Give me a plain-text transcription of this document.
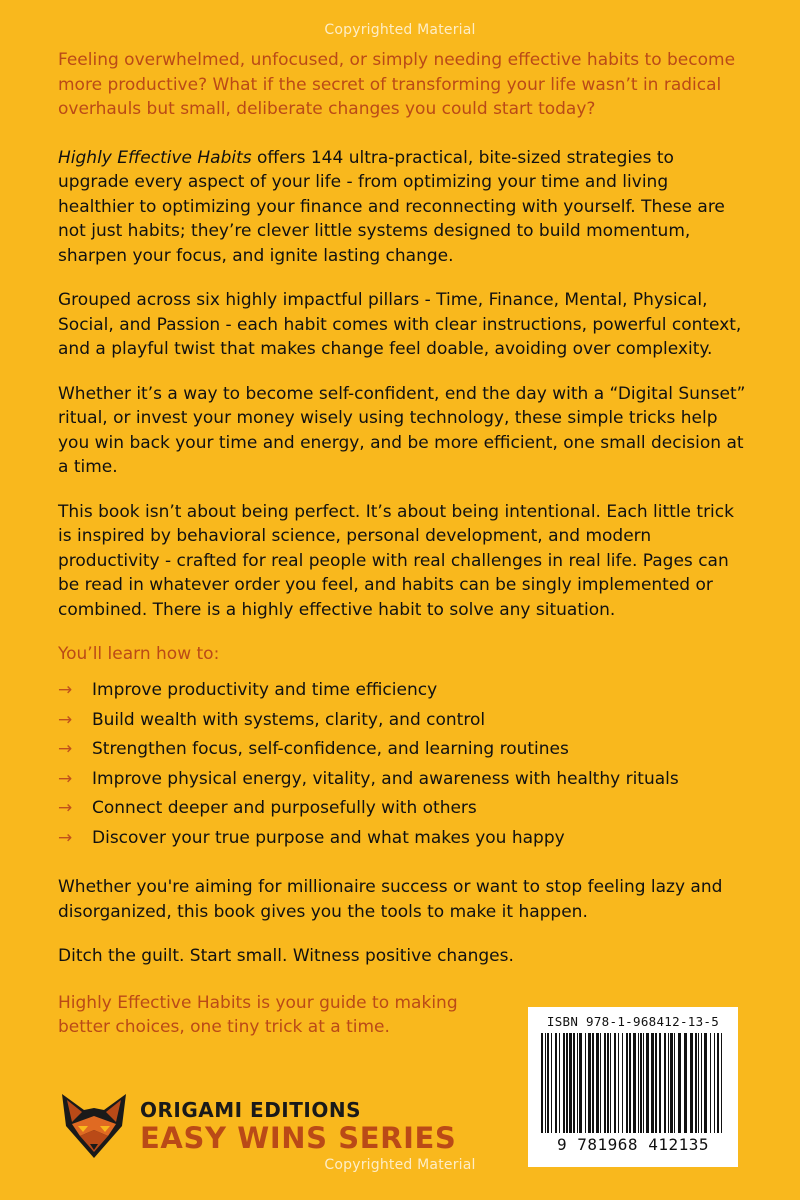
Copyrighted Material

Feeling overwhelmed, unfocused, or simply needing effective habits to become more productive? What if the secret of transforming your life wasn’t in radical overhauls but small, deliberate changes you could start today?

Highly Effective Habits offers 144 ultra-practical, bite-sized strategies to upgrade every aspect of your life - from optimizing your time and living healthier to optimizing your finance and reconnecting with yourself. These are not just habits; they’re clever little systems designed to build momentum, sharpen your focus, and ignite lasting change.

Grouped across six highly impactful pillars - Time, Finance, Mental, Physical, Social, and Passion - each habit comes with clear instructions, powerful context, and a playful twist that makes change feel doable, avoiding over complexity.

Whether it’s a way to become self-confident, end the day with a “Digital Sunset” ritual, or invest your money wisely using technology, these simple tricks help you win back your time and energy, and be more efficient, one small decision at a time.

This book isn’t about being perfect. It’s about being intentional. Each little trick is inspired by behavioral science, personal development, and modern productivity - crafted for real people with real challenges in real life. Pages can be read in whatever order you feel, and habits can be singly implemented or combined. There is a highly effective habit to solve any situation.

You’ll learn how to:
→	Improve productivity and time efficiency
→	Build wealth with systems, clarity, and control
→	Strengthen focus, self-confidence, and learning routines
→	Improve physical energy, vitality, and awareness with healthy rituals
→	Connect deeper and purposefully with others
→	Discover your true purpose and what makes you happy

Whether you're aiming for millionaire success or want to stop feeling lazy and disorganized, this book gives you the tools to make it happen.

Ditch the guilt. Start small. Witness positive changes.

Highly Effective Habits is your guide to making better choices, one tiny trick at a time.

ORIGAMI EDITIONS
EASY WINS SERIES
ISBN 978-1-968412-13-5
9 781968 412135
Copyrighted Material
